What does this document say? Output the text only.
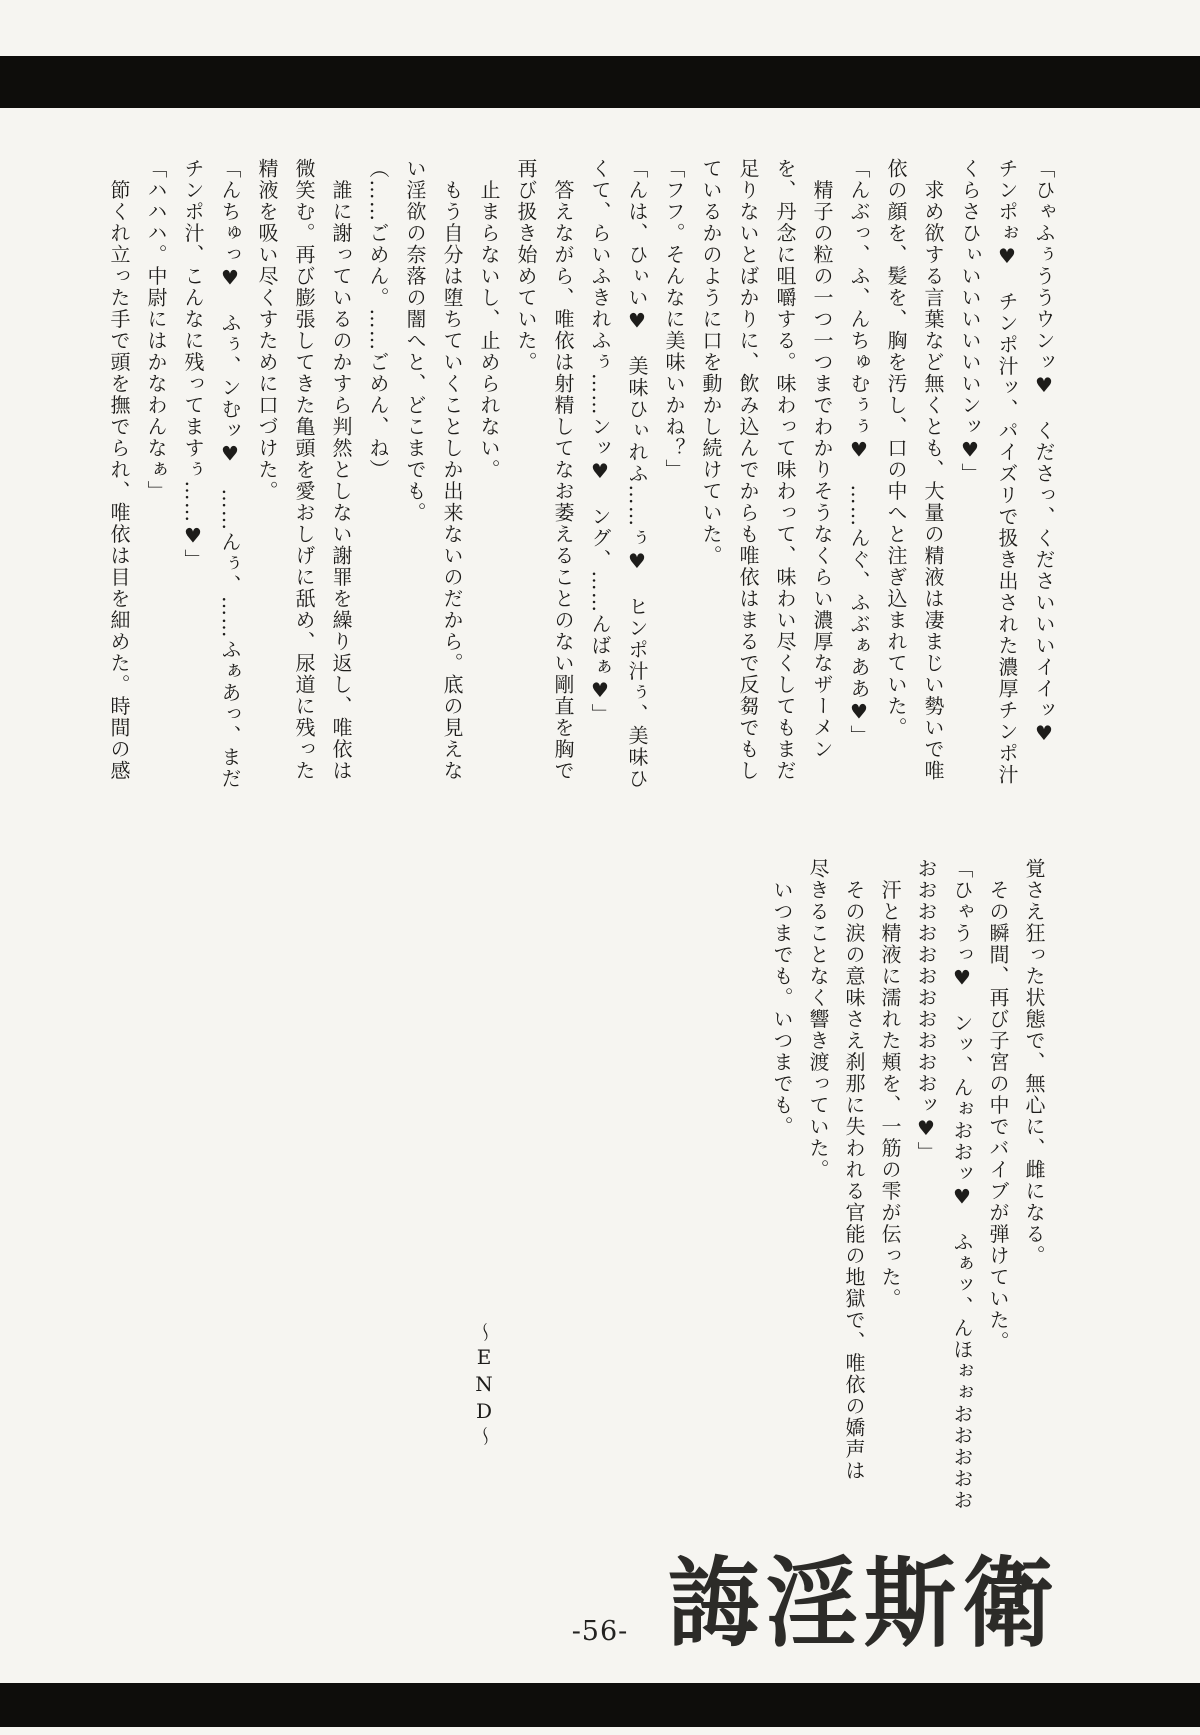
「ひゃふぅううウンッ♥　くださっ、くださいいいイイッ♥
チンポぉ♥　チンポ汁ッ、パイズリで扱き出された濃厚チンポ汁
くらさひぃいいいいいいンッ♥」
　求め欲する言葉など無くとも、大量の精液は凄まじい勢いで唯
依の顔を、髪を、胸を汚し、口の中へと注ぎ込まれていた。
「んぶっ、ふ、んちゅむぅぅ♥　……んぐ、ふぶぁああ♥」
　精子の粒の一つ一つまでわかりそうなくらい濃厚なザーメン
を、丹念に咀嚼する。味わって味わって、味わい尽くしてもまだ
足りないとばかりに、飲み込んでからも唯依はまるで反芻でもし
ているかのように口を動かし続けていた。
「フフ。そんなに美味いかね？」
「んは、ひぃい♥　美味ひぃれふ……ぅ♥　ヒンポ汁ぅ、美味ひ
くて、らいふきれふぅ……ンッ♥　ング、……んばぁ♥」
　答えながら、唯依は射精してなお萎えることのない剛直を胸で
再び扱き始めていた。
　止まらないし、止められない。
　もう自分は堕ちていくことしか出来ないのだから。底の見えな
い淫欲の奈落の闇へと、どこまでも。
（……ごめん。……ごめん、ね）
　誰に謝っているのかすら判然としない謝罪を繰り返し、唯依は
微笑む。再び膨張してきた亀頭を愛おしげに舐め、尿道に残った
精液を吸い尽くすために口づけた。
「んちゅっ♥　ふぅ、ンむッ♥　……んぅ、……ふぁあっ、まだ
チンポ汁、こんなに残ってますぅ……♥」
「ハハハ。中尉にはかなわんなぁ」
　節くれ立った手で頭を撫でられ、唯依は目を細めた。時間の感
覚さえ狂った状態で、無心に、雌になる。
　その瞬間、再び子宮の中でバイブが弾けていた。
「ひゃうっ♥　ンッ、んぉおおッ♥　ふぁッ、んほぉぉおおおおお
おおおおおおおおおおおッ♥」
　汗と精液に濡れた頬を、一筋の雫が伝った。
　その涙の意味さえ刹那に失われる官能の地獄で、唯依の嬌声は
尽きることなく響き渡っていた。
　いつまでも。いつまでも。
〜END〜
誨淫斯衛
-56-
